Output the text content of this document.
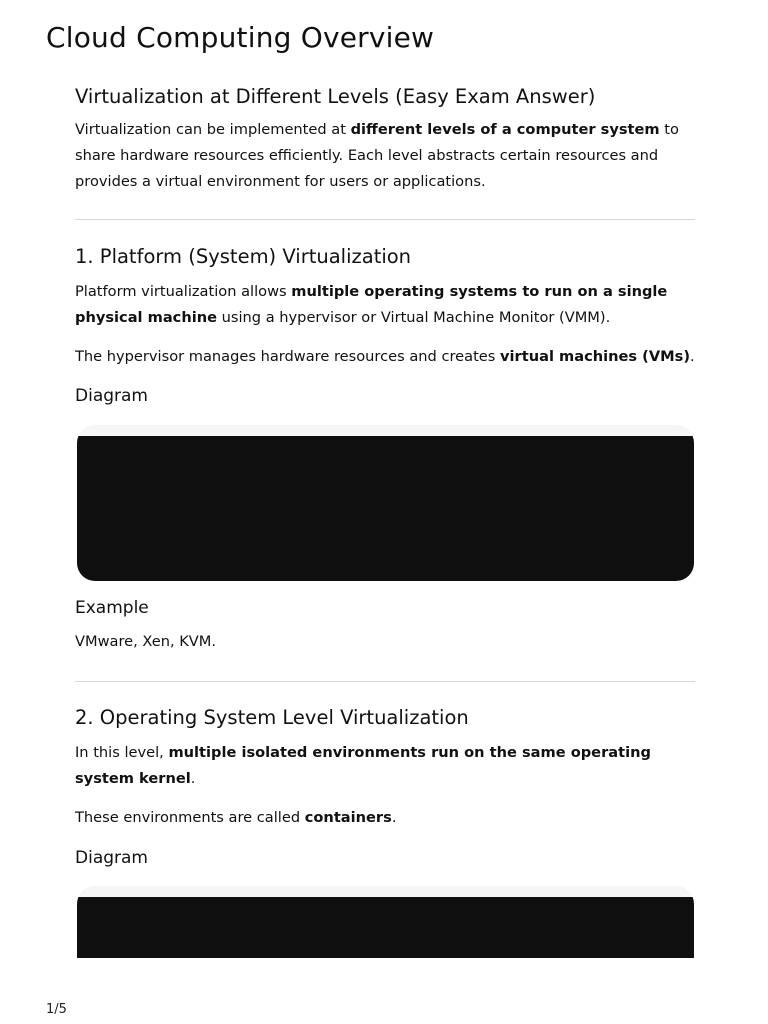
Cloud Computing Overview
Virtualization at Different Levels (Easy Exam Answer)

Virtualization can be implemented at different levels of a computer system to share hardware resources efficiently. Each level abstracts certain resources and provides a virtual environment for users or applications.

1. Platform (System) Virtualization

Platform virtualization allows multiple operating systems to run on a single physical machine using a hypervisor or Virtual Machine Monitor (VMM).

The hypervisor manages hardware resources and creates virtual machines (VMs).

Diagram
Example

VMware, Xen, KVM.

2. Operating System Level Virtualization

In this level, multiple isolated environments run on the same operating system kernel.

These environments are called containers.

Diagram
1/5
